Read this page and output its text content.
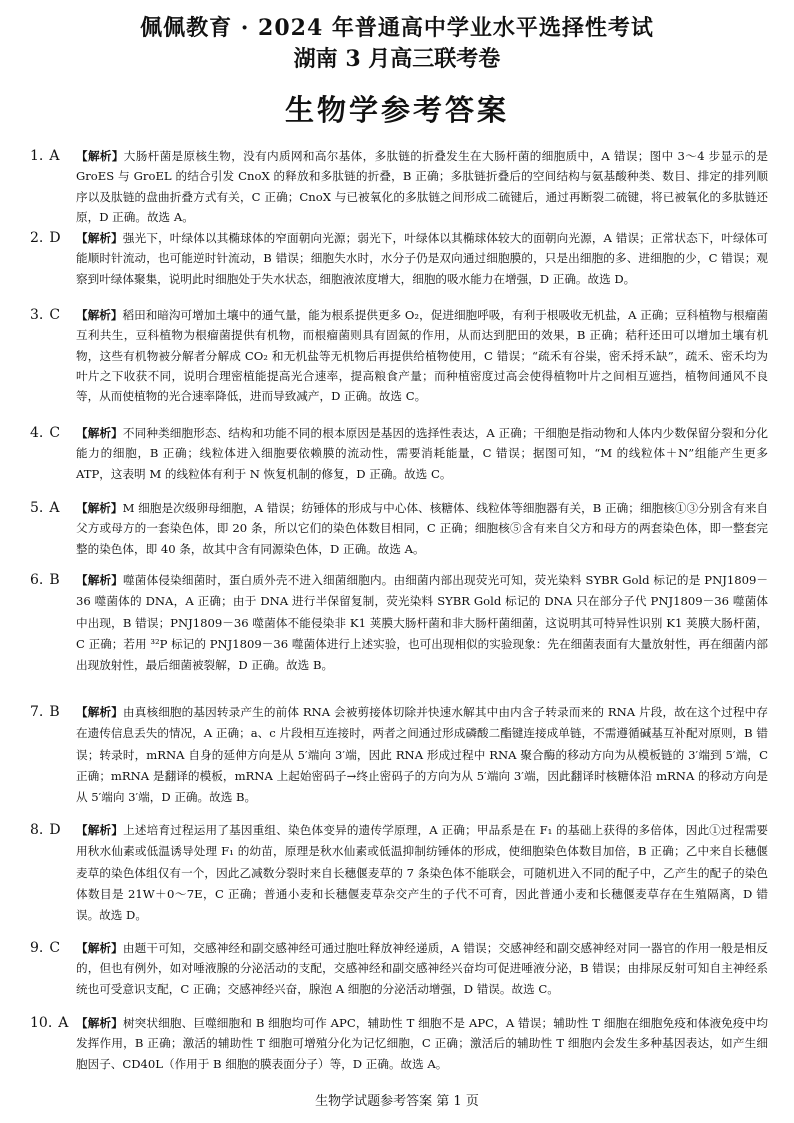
佩佩教育 · 2024 年普通高中学业水平选择性考试
湖南 3 月高三联考卷
生物学参考答案
1. A	【解析】大肠杆菌是原核生物，没有内质网和高尔基体，多肽链的折叠发生在大肠杆菌的细胞质中，A 错误；图中 3～4 步显示的是 GroES 与 GroEL 的结合引发 CnoX 的释放和多肽链的折叠，B 正确；多肽链折叠后的空间结构与氨基酸种类、数目、排定的排列顺序以及肽链的盘曲折叠方式有关，C 正确；CnoX 与已被氧化的多肽链之间形成二硫键后，通过再断裂二硫键，将已被氧化的多肽链还原，D 正确。故选 A。
2. D	【解析】强光下，叶绿体以其椭球体的窄面朝向光源；弱光下，叶绿体以其椭球体较大的面朝向光源，A 错误；正常状态下，叶绿体可能顺时针流动，也可能逆时针流动，B 错误；细胞失水时，水分子仍是双向通过细胞膜的，只是出细胞的多、进细胞的少，C 错误；观察到叶绿体聚集，说明此时细胞处于失水状态，细胞液浓度增大，细胞的吸水能力在增强，D 正确。故选 D。
3. C	【解析】稻田和暗沟可增加土壤中的通气量，能为根系提供更多 O₂，促进细胞呼吸，有利于根吸收无机盐，A 正确；豆科植物与根瘤菌互利共生，豆科植物为根瘤菌提供有机物，而根瘤菌则具有固氮的作用，从而达到肥田的效果，B 正确；秸秆还田可以增加土壤有机物，这些有机物被分解者分解成 CO₂ 和无机盐等无机物后再提供给植物使用，C 错误；“疏禾有谷粜，密禾捋禾缺”，疏禾、密禾均为叶片之下收获不同，说明合理密植能提高光合速率，提高粮食产量；而种植密度过高会使得植物叶片之间相互遮挡，植物间通风不良等，从而使植物的光合速率降低，进而导致减产，D 正确。故选 C。
4. C	【解析】不同种类细胞形态、结构和功能不同的根本原因是基因的选择性表达，A 正确；干细胞是指动物和人体内少数保留分裂和分化能力的细胞，B 正确；线粒体进入细胞要依赖膜的流动性，需要消耗能量，C 错误；据图可知，“M 的线粒体＋N”组能产生更多 ATP，这表明 M 的线粒体有利于 N 恢复机制的修复，D 正确。故选 C。
5. A	【解析】M 细胞是次级卵母细胞，A 错误；纺锤体的形成与中心体、核糖体、线粒体等细胞器有关，B 正确；细胞核①③分别含有来自父方或母方的一套染色体，即 20 条，所以它们的染色体数目相同，C 正确；细胞核⑤含有来自父方和母方的两套染色体，即一整套完整的染色体，即 40 条，故其中含有同源染色体，D 正确。故选 A。
6. B	【解析】噬菌体侵染细菌时，蛋白质外壳不进入细菌细胞内。由细菌内部出现荧光可知，荧光染料 SYBR Gold 标记的是 PNJ1809－36 噬菌体的 DNA，A 正确；由于 DNA 进行半保留复制，荧光染料 SYBR Gold 标记的 DNA 只在部分子代 PNJ1809－36 噬菌体中出现，B 错误；PNJ1809－36 噬菌体不能侵染非 K1 荚膜大肠杆菌和非大肠杆菌细菌，这说明其可特异性识别 K1 荚膜大肠杆菌，C 正确；若用 ³²P 标记的 PNJ1809－36 噬菌体进行上述实验，也可出现相似的实验现象：先在细菌表面有大量放射性，再在细菌内部出现放射性，最后细菌被裂解，D 正确。故选 B。
7. B	【解析】由真核细胞的基因转录产生的前体 RNA 会被剪接体切除并快速水解其中由内含子转录而来的 RNA 片段，故在这个过程中存在遗传信息丢失的情况，A 正确；a、c 片段相互连接时，两者之间通过形成磷酸二酯键连接成单链，不需遵循碱基互补配对原则，B 错误；转录时，mRNA 自身的延伸方向是从 5′端向 3′端，因此 RNA 形成过程中 RNA 聚合酶的移动方向为从模板链的 3′端到 5′端，C 正确；mRNA 是翻译的模板，mRNA 上起始密码子→终止密码子的方向为从 5′端向 3′端，因此翻译时核糖体沿 mRNA 的移动方向是从 5′端向 3′端，D 正确。故选 B。
8. D	【解析】上述培育过程运用了基因重组、染色体变异的遗传学原理，A 正确；甲品系是在 F₁ 的基础上获得的多倍体，因此①过程需要用秋水仙素或低温诱导处理 F₁ 的幼苗，原理是秋水仙素或低温抑制纺锤体的形成，使细胞染色体数目加倍，B 正确；乙中来自长穗偃麦草的染色体组仅有一个，因此乙减数分裂时来自长穗偃麦草的 7 条染色体不能联会，可随机进入不同的配子中，乙产生的配子的染色体数目是 21W＋0～7E，C 正确；普通小麦和长穗偃麦草杂交产生的子代不可育，因此普通小麦和长穗偃麦草存在生殖隔离，D 错误。故选 D。
9. C	【解析】由题干可知，交感神经和副交感神经可通过胞吐释放神经递质，A 错误；交感神经和副交感神经对同一器官的作用一般是相反的，但也有例外，如对唾液腺的分泌活动的支配，交感神经和副交感神经兴奋均可促进唾液分泌，B 错误；由排尿反射可知自主神经系统也可受意识支配，C 正确；交感神经兴奋，腺泡 A 细胞的分泌活动增强，D 错误。故选 C。
10. A 【解析】树突状细胞、巨噬细胞和 B 细胞均可作 APC，辅助性 T 细胞不是 APC，A 错误；辅助性 T 细胞在细胞免疫和体液免疫中均发挥作用，B 正确；激活的辅助性 T 细胞可增殖分化为记忆细胞，C 正确；激活后的辅助性 T 细胞内会发生多种基因表达，如产生细胞因子、CD40L（作用于 B 细胞的膜表面分子）等，D 正确。故选 A。
生物学试题参考答案 第 1 页
